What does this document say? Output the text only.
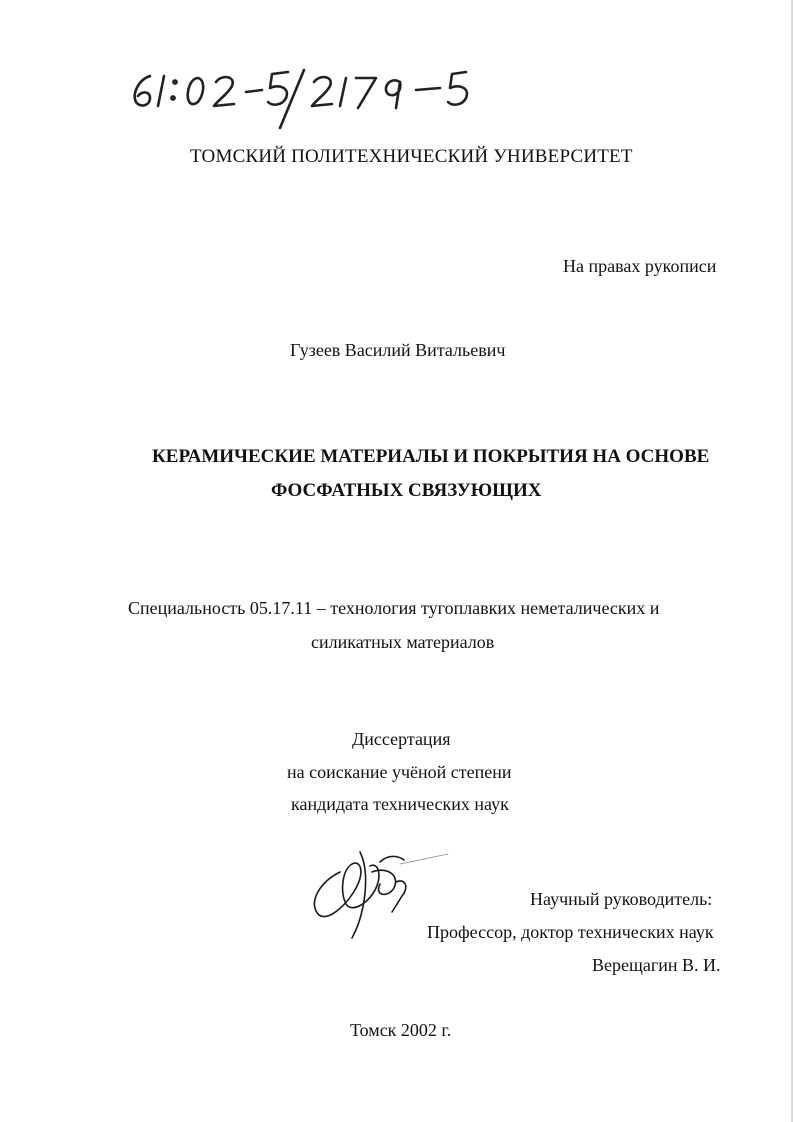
ТОМСКИЙ ПОЛИТЕХНИЧЕСКИЙ УНИВЕРСИТЕТ
На правах рукописи
Гузеев Василий Витальевич
КЕРАМИЧЕСКИЕ МАТЕРИАЛЫ И ПОКРЫТИЯ НА ОСНОВЕ
ФОСФАТНЫХ СВЯЗУЮЩИХ
Специальность 05.17.11 – технология тугоплавких неметалических и
силикатных материалов
Диссертация
на соискание учёной степени
кандидата технических наук
Научный руководитель:
Профессор, доктор технических наук
Верещагин В. И.
Томск 2002 г.
